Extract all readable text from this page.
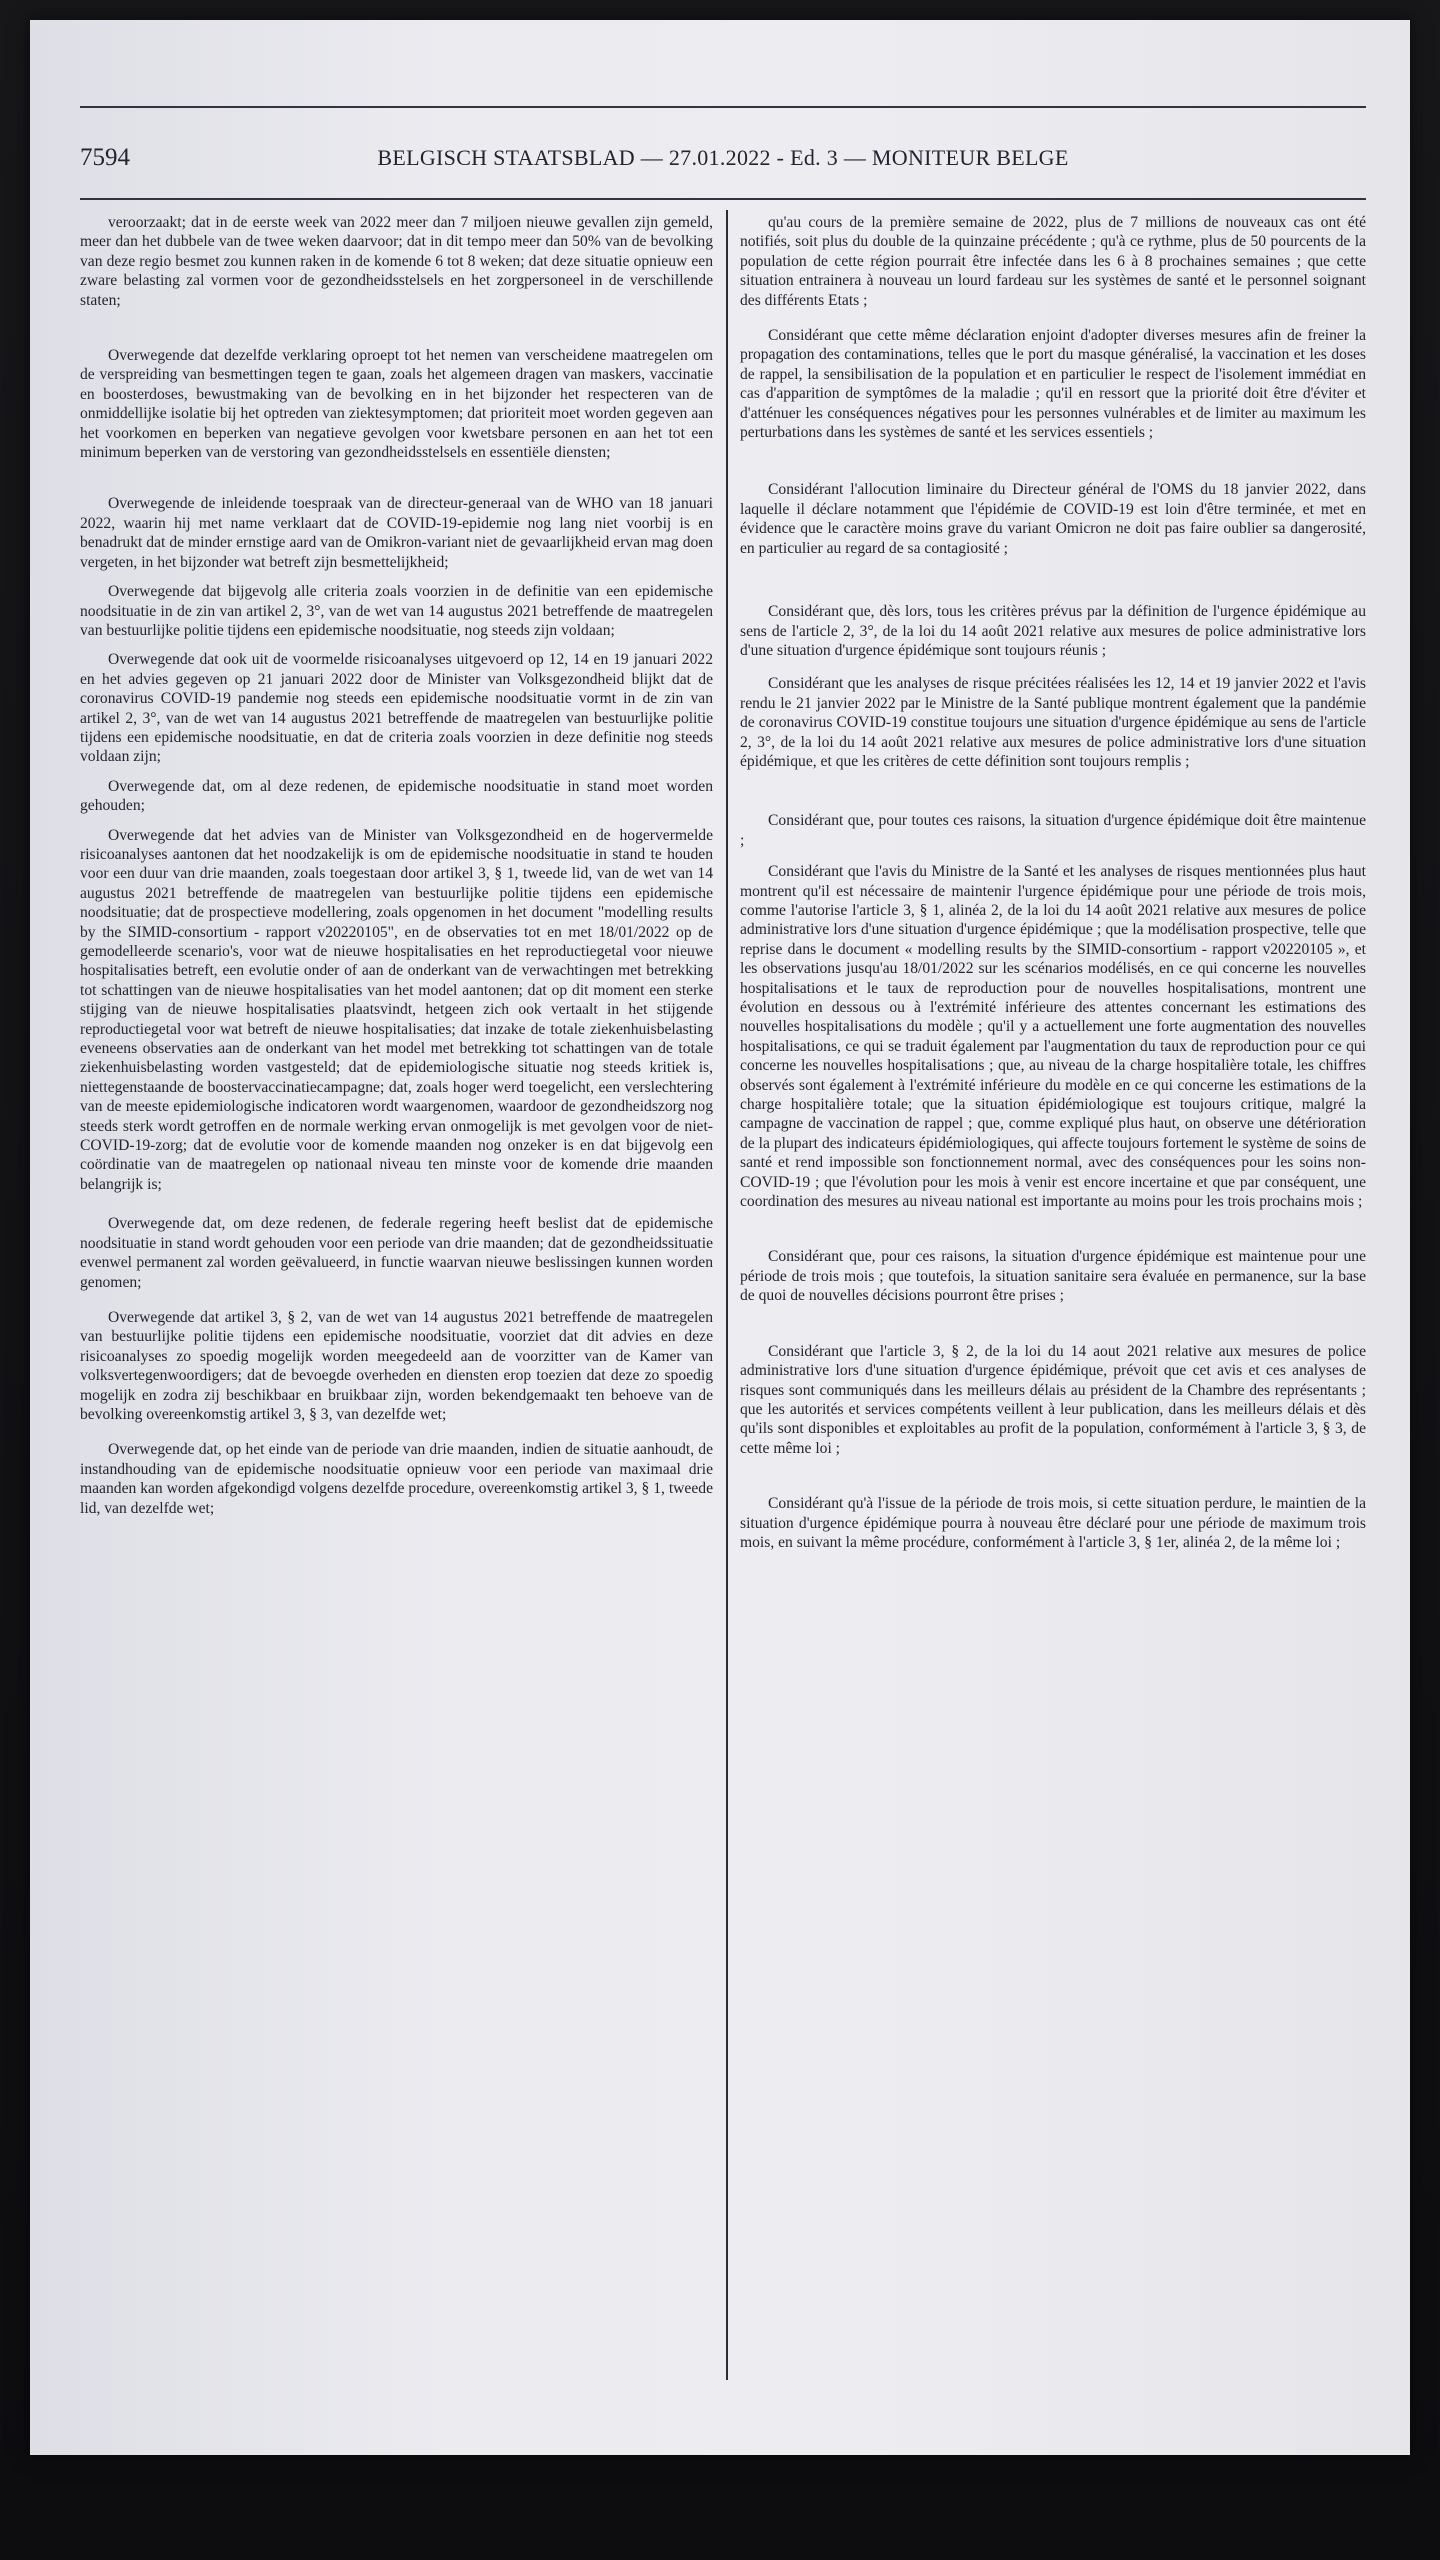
7594	BELGISCH STAATSBLAD — 27.01.2022 - Ed. 3 — MONITEUR BELGE

veroorzaakt; dat in de eerste week van 2022 meer dan 7 miljoen nieuwe gevallen zijn gemeld, meer dan het dubbele van de twee weken daarvoor; dat in dit tempo meer dan 50% van de bevolking van deze regio besmet zou kunnen raken in de komende 6 tot 8 weken; dat deze situatie opnieuw een zware belasting zal vormen voor de gezondheidsstelsels en het zorgpersoneel in de verschillende staten;

Overwegende dat dezelfde verklaring oproept tot het nemen van verscheidene maatregelen om de verspreiding van besmettingen tegen te gaan, zoals het algemeen dragen van maskers, vaccinatie en boosterdoses, bewustmaking van de bevolking en in het bijzonder het respecteren van de onmiddellijke isolatie bij het optreden van ziektesymptomen; dat prioriteit moet worden gegeven aan het voorkomen en beperken van negatieve gevolgen voor kwetsbare personen en aan het tot een minimum beperken van de verstoring van gezondheidsstelsels en essentiële diensten;

Overwegende de inleidende toespraak van de directeur-generaal van de WHO van 18 januari 2022, waarin hij met name verklaart dat de COVID-19-epidemie nog lang niet voorbij is en benadrukt dat de minder ernstige aard van de Omikron-variant niet de gevaarlijkheid ervan mag doen vergeten, in het bijzonder wat betreft zijn besmettelijkheid;

Overwegende dat bijgevolg alle criteria zoals voorzien in de definitie van een epidemische noodsituatie in de zin van artikel 2, 3°, van de wet van 14 augustus 2021 betreffende de maatregelen van bestuurlijke politie tijdens een epidemische noodsituatie, nog steeds zijn voldaan;

Overwegende dat ook uit de voormelde risicoanalyses uitgevoerd op 12, 14 en 19 januari 2022 en het advies gegeven op 21 januari 2022 door de Minister van Volksgezondheid blijkt dat de coronavirus COVID-19 pandemie nog steeds een epidemische noodsituatie vormt in de zin van artikel 2, 3°, van de wet van 14 augustus 2021 betreffende de maatregelen van bestuurlijke politie tijdens een epidemische noodsituatie, en dat de criteria zoals voorzien in deze definitie nog steeds voldaan zijn;

Overwegende dat, om al deze redenen, de epidemische noodsituatie in stand moet worden gehouden;

Overwegende dat het advies van de Minister van Volksgezondheid en de hogervermelde risicoanalyses aantonen dat het noodzakelijk is om de epidemische noodsituatie in stand te houden voor een duur van drie maanden, zoals toegestaan door artikel 3, § 1, tweede lid, van de wet van 14 augustus 2021 betreffende de maatregelen van bestuurlijke politie tijdens een epidemische noodsituatie; dat de prospectieve modellering, zoals opgenomen in het document "modelling results by the SIMID-consortium - rapport v20220105", en de observaties tot en met 18/01/2022 op de gemodelleerde scenario's, voor wat de nieuwe hospitalisaties en het reproductiegetal voor nieuwe hospitalisaties betreft, een evolutie onder of aan de onderkant van de verwachtingen met betrekking tot schattingen van de nieuwe hospitalisaties van het model aantonen; dat op dit moment een sterke stijging van de nieuwe hospitalisaties plaatsvindt, hetgeen zich ook vertaalt in het stijgende reproductiegetal voor wat betreft de nieuwe hospitalisaties; dat inzake de totale ziekenhuisbelasting eveneens observaties aan de onderkant van het model met betrekking tot schattingen van de totale ziekenhuisbelasting worden vastgesteld; dat de epidemiologische situatie nog steeds kritiek is, niettegenstaande de boostervaccinatiecampagne; dat, zoals hoger werd toegelicht, een verslechtering van de meeste epidemiologische indicatoren wordt waargenomen, waardoor de gezondheidszorg nog steeds sterk wordt getroffen en de normale werking ervan onmogelijk is met gevolgen voor de niet-COVID-19-zorg; dat de evolutie voor de komende maanden nog onzeker is en dat bijgevolg een coördinatie van de maatregelen op nationaal niveau ten minste voor de komende drie maanden belangrijk is;

Overwegende dat, om deze redenen, de federale regering heeft beslist dat de epidemische noodsituatie in stand wordt gehouden voor een periode van drie maanden; dat de gezondheidssituatie evenwel permanent zal worden geëvalueerd, in functie waarvan nieuwe beslissingen kunnen worden genomen;

Overwegende dat artikel 3, § 2, van de wet van 14 augustus 2021 betreffende de maatregelen van bestuurlijke politie tijdens een epidemische noodsituatie, voorziet dat dit advies en deze risicoanalyses zo spoedig mogelijk worden meegedeeld aan de voorzitter van de Kamer van volksvertegenwoordigers; dat de bevoegde overheden en diensten erop toezien dat deze zo spoedig mogelijk en zodra zij beschikbaar en bruikbaar zijn, worden bekendgemaakt ten behoeve van de bevolking overeenkomstig artikel 3, § 3, van dezelfde wet;

Overwegende dat, op het einde van de periode van drie maanden, indien de situatie aanhoudt, de instandhouding van de epidemische noodsituatie opnieuw voor een periode van maximaal drie maanden kan worden afgekondigd volgens dezelfde procedure, overeenkomstig artikel 3, § 1, tweede lid, van dezelfde wet;

qu'au cours de la première semaine de 2022, plus de 7 millions de nouveaux cas ont été notifiés, soit plus du double de la quinzaine précédente ; qu'à ce rythme, plus de 50 pourcents de la population de cette région pourrait être infectée dans les 6 à 8 prochaines semaines ; que cette situation entrainera à nouveau un lourd fardeau sur les systèmes de santé et le personnel soignant des différents Etats ;

Considérant que cette même déclaration enjoint d'adopter diverses mesures afin de freiner la propagation des contaminations, telles que le port du masque généralisé, la vaccination et les doses de rappel, la sensibilisation de la population et en particulier le respect de l'isolement immédiat en cas d'apparition de symptômes de la maladie ; qu'il en ressort que la priorité doit être d'éviter et d'atténuer les conséquences négatives pour les personnes vulnérables et de limiter au maximum les perturbations dans les systèmes de santé et les services essentiels ;

Considérant l'allocution liminaire du Directeur général de l'OMS du 18 janvier 2022, dans laquelle il déclare notamment que l'épidémie de COVID-19 est loin d'être terminée, et met en évidence que le caractère moins grave du variant Omicron ne doit pas faire oublier sa dangerosité, en particulier au regard de sa contagiosité ;

Considérant que, dès lors, tous les critères prévus par la définition de l'urgence épidémique au sens de l'article 2, 3°, de la loi du 14 août 2021 relative aux mesures de police administrative lors d'une situation d'urgence épidémique sont toujours réunis ;

Considérant que les analyses de risque précitées réalisées les 12, 14 et 19 janvier 2022 et l'avis rendu le 21 janvier 2022 par le Ministre de la Santé publique montrent également que la pandémie de coronavirus COVID-19 constitue toujours une situation d'urgence épidémique au sens de l'article 2, 3°, de la loi du 14 août 2021 relative aux mesures de police administrative lors d'une situation épidémique, et que les critères de cette définition sont toujours remplis ;

Considérant que, pour toutes ces raisons, la situation d'urgence épidémique doit être maintenue ;

Considérant que l'avis du Ministre de la Santé et les analyses de risques mentionnées plus haut montrent qu'il est nécessaire de maintenir l'urgence épidémique pour une période de trois mois, comme l'autorise l'article 3, § 1, alinéa 2, de la loi du 14 août 2021 relative aux mesures de police administrative lors d'une situation d'urgence épidémique ; que la modélisation prospective, telle que reprise dans le document « modelling results by the SIMID-consortium - rapport v20220105 », et les observations jusqu'au 18/01/2022 sur les scénarios modélisés, en ce qui concerne les nouvelles hospitalisations et le taux de reproduction pour de nouvelles hospitalisations, montrent une évolution en dessous ou à l'extrémité inférieure des attentes concernant les estimations des nouvelles hospitalisations du modèle ; qu'il y a actuellement une forte augmentation des nouvelles hospitalisations, ce qui se traduit également par l'augmentation du taux de reproduction pour ce qui concerne les nouvelles hospitalisations ; que, au niveau de la charge hospitalière totale, les chiffres observés sont également à l'extrémité inférieure du modèle en ce qui concerne les estimations de la charge hospitalière totale; que la situation épidémiologique est toujours critique, malgré la campagne de vaccination de rappel ; que, comme expliqué plus haut, on observe une détérioration de la plupart des indicateurs épidémiologiques, qui affecte toujours fortement le système de soins de santé et rend impossible son fonctionnement normal, avec des conséquences pour les soins non-COVID-19 ; que l'évolution pour les mois à venir est encore incertaine et que par conséquent, une coordination des mesures au niveau national est importante au moins pour les trois prochains mois ;

Considérant que, pour ces raisons, la situation d'urgence épidémique est maintenue pour une période de trois mois ; que toutefois, la situation sanitaire sera évaluée en permanence, sur la base de quoi de nouvelles décisions pourront être prises ;

Considérant que l'article 3, § 2, de la loi du 14 aout 2021 relative aux mesures de police administrative lors d'une situation d'urgence épidémique, prévoit que cet avis et ces analyses de risques sont communiqués dans les meilleurs délais au président de la Chambre des représentants ; que les autorités et services compétents veillent à leur publication, dans les meilleurs délais et dès qu'ils sont disponibles et exploitables au profit de la population, conformément à l'article 3, § 3, de cette même loi ;

Considérant qu'à l'issue de la période de trois mois, si cette situation perdure, le maintien de la situation d'urgence épidémique pourra à nouveau être déclaré pour une période de maximum trois mois, en suivant la même procédure, conformément à l'article 3, § 1er, alinéa 2, de la même loi ;
